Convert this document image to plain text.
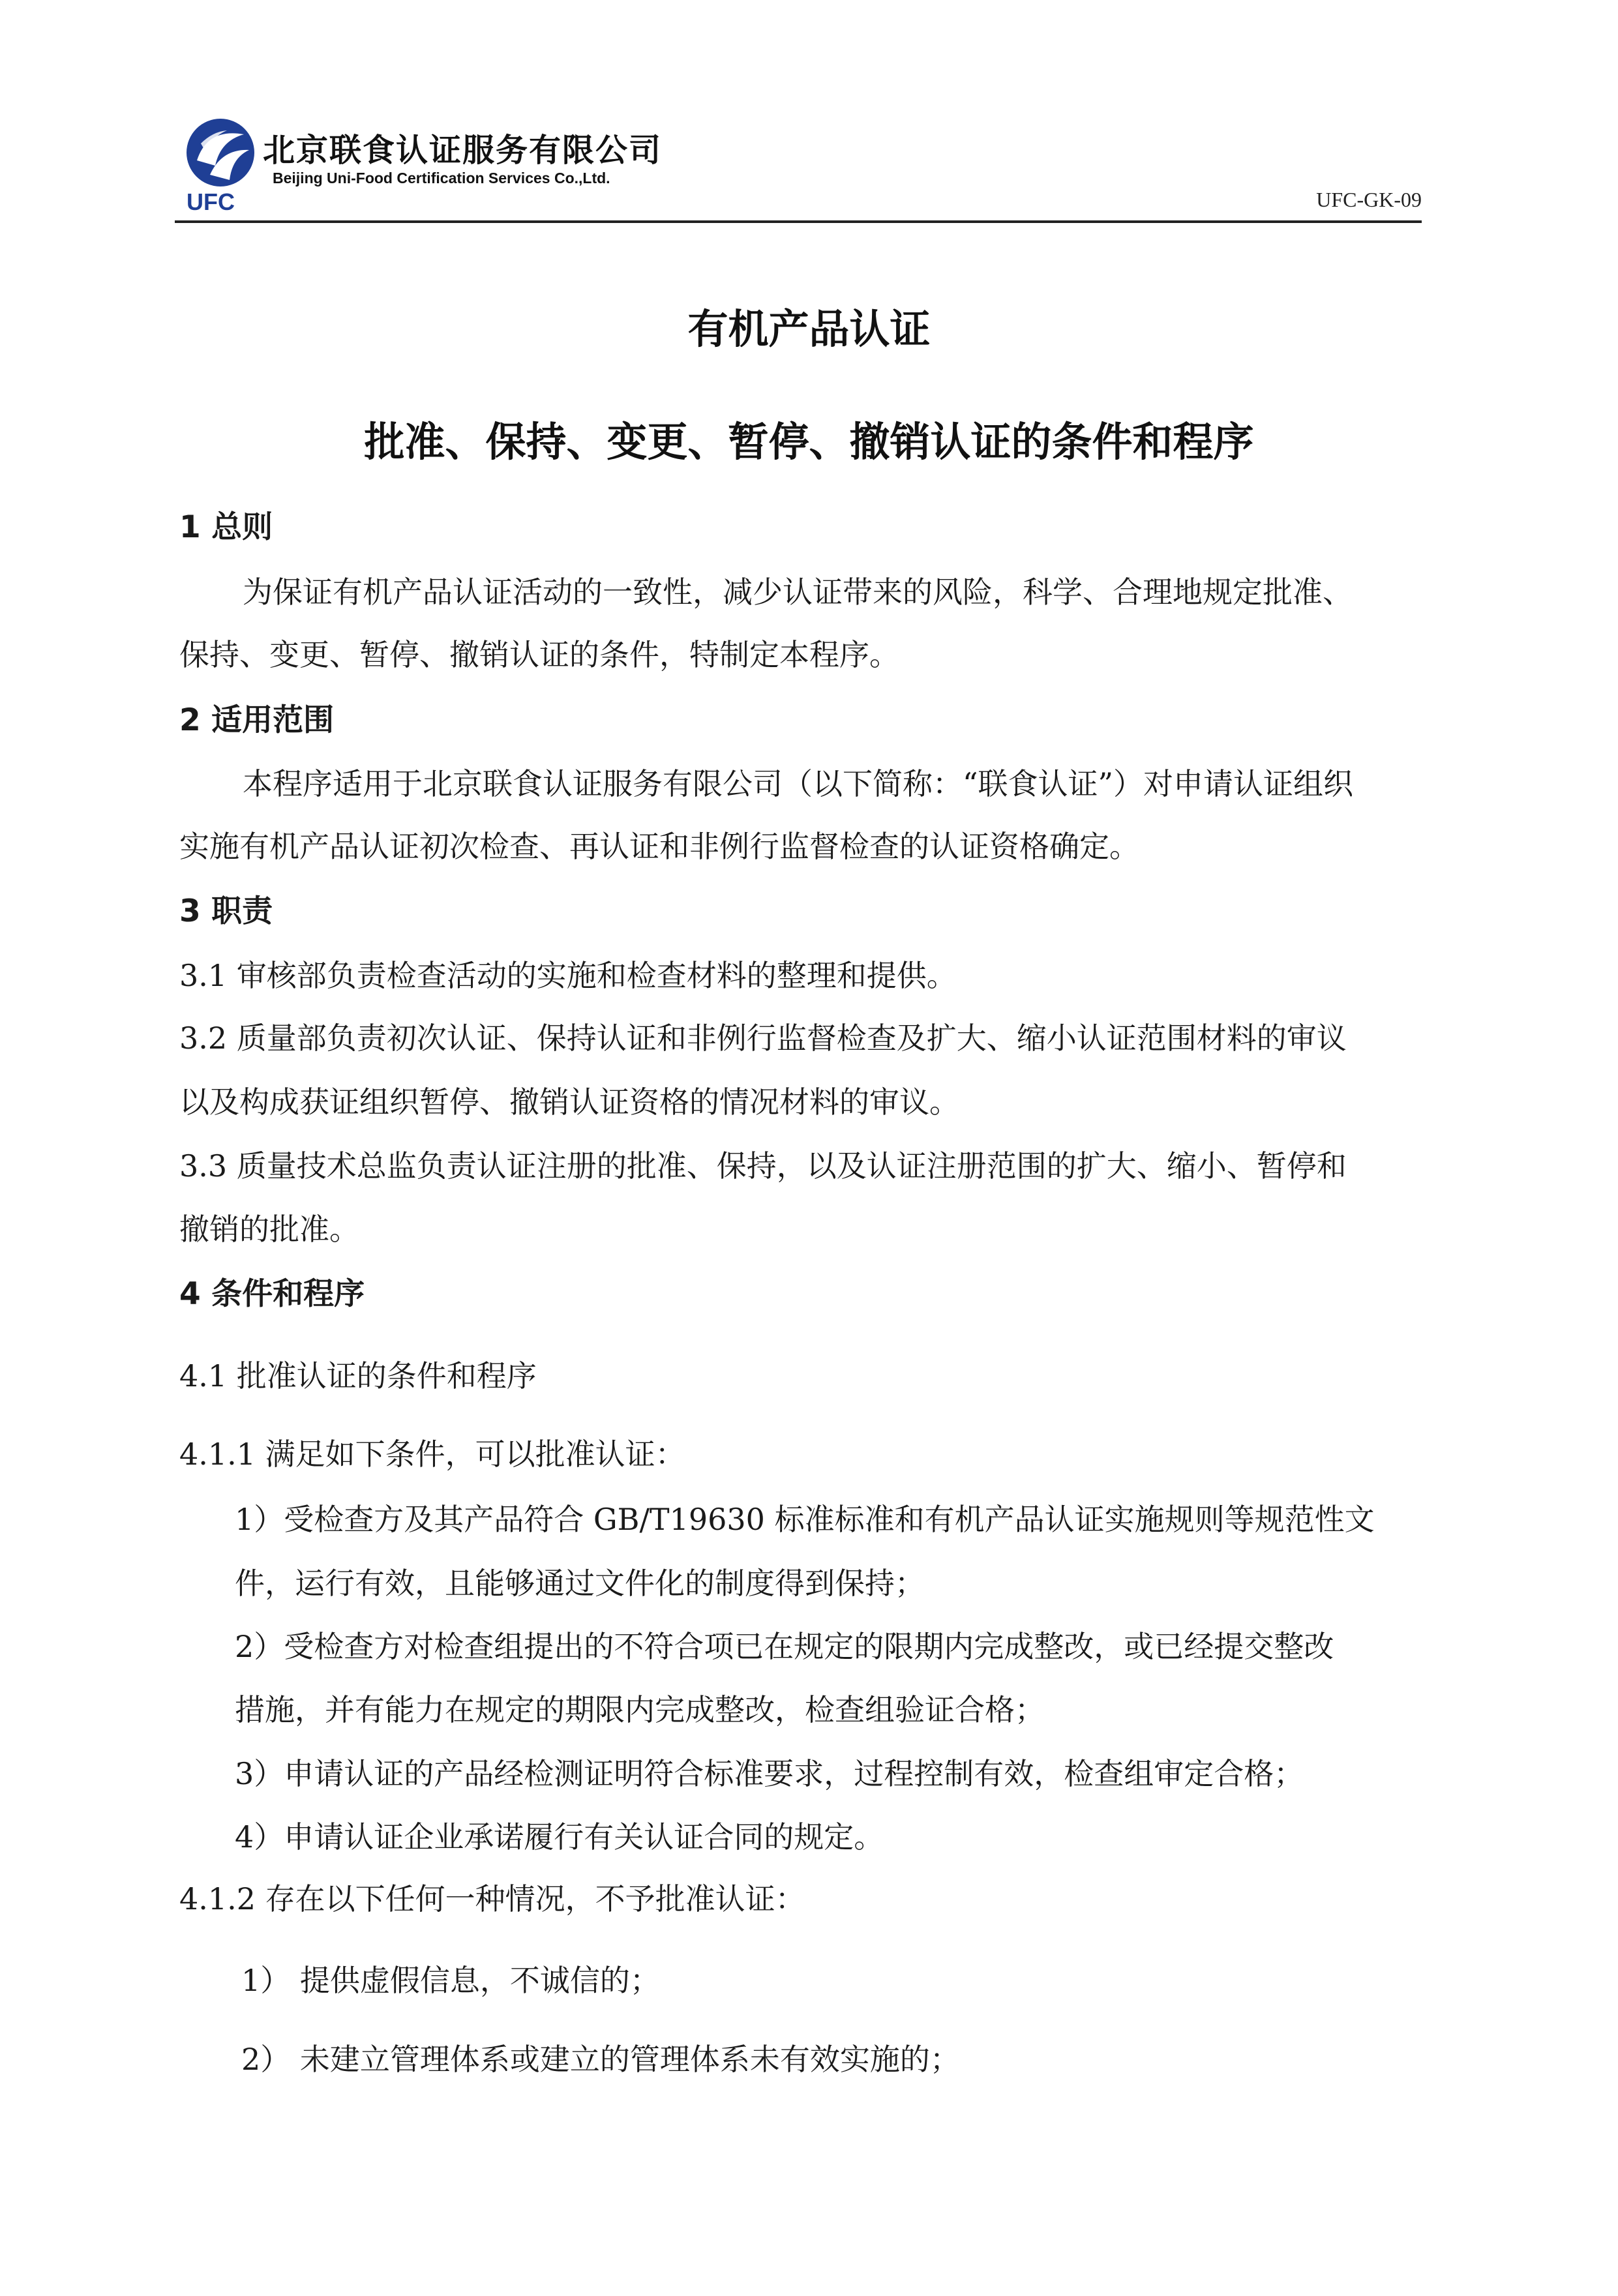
UFC
北京联食认证服务有限公司
Beijing Uni-Food Certification Services Co.,Ltd.
UFC-GK-09
有机产品认证
批准、保持、变更、暂停、撤销认证的条件和程序
1 总则
为保证有机产品认证活动的一致性，减少认证带来的风险，科学、合理地规定批准、
保持、变更、暂停、撤销认证的条件，特制定本程序。
2 适用范围
本程序适用于北京联食认证服务有限公司（以下简称：“联食认证”）对申请认证组织
实施有机产品认证初次检查、再认证和非例行监督检查的认证资格确定。
3 职责
3.1 审核部负责检查活动的实施和检查材料的整理和提供。
3.2 质量部负责初次认证、保持认证和非例行监督检查及扩大、缩小认证范围材料的审议
以及构成获证组织暂停、撤销认证资格的情况材料的审议。
3.3 质量技术总监负责认证注册的批准、保持，以及认证注册范围的扩大、缩小、暂停和
撤销的批准。
4 条件和程序
4.1 批准认证的条件和程序
4.1.1 满足如下条件，可以批准认证：
1）受检查方及其产品符合 GB/T19630 标准标准和有机产品认证实施规则等规范性文
件，运行有效，且能够通过文件化的制度得到保持；
2）受检查方对检查组提出的不符合项已在规定的限期内完成整改，或已经提交整改
措施，并有能力在规定的期限内完成整改，检查组验证合格；
3）申请认证的产品经检测证明符合标准要求，过程控制有效，检查组审定合格；
4）申请认证企业承诺履行有关认证合同的规定。
4.1.2 存在以下任何一种情况，不予批准认证：
1） 提供虚假信息，不诚信的；
2） 未建立管理体系或建立的管理体系未有效实施的；
